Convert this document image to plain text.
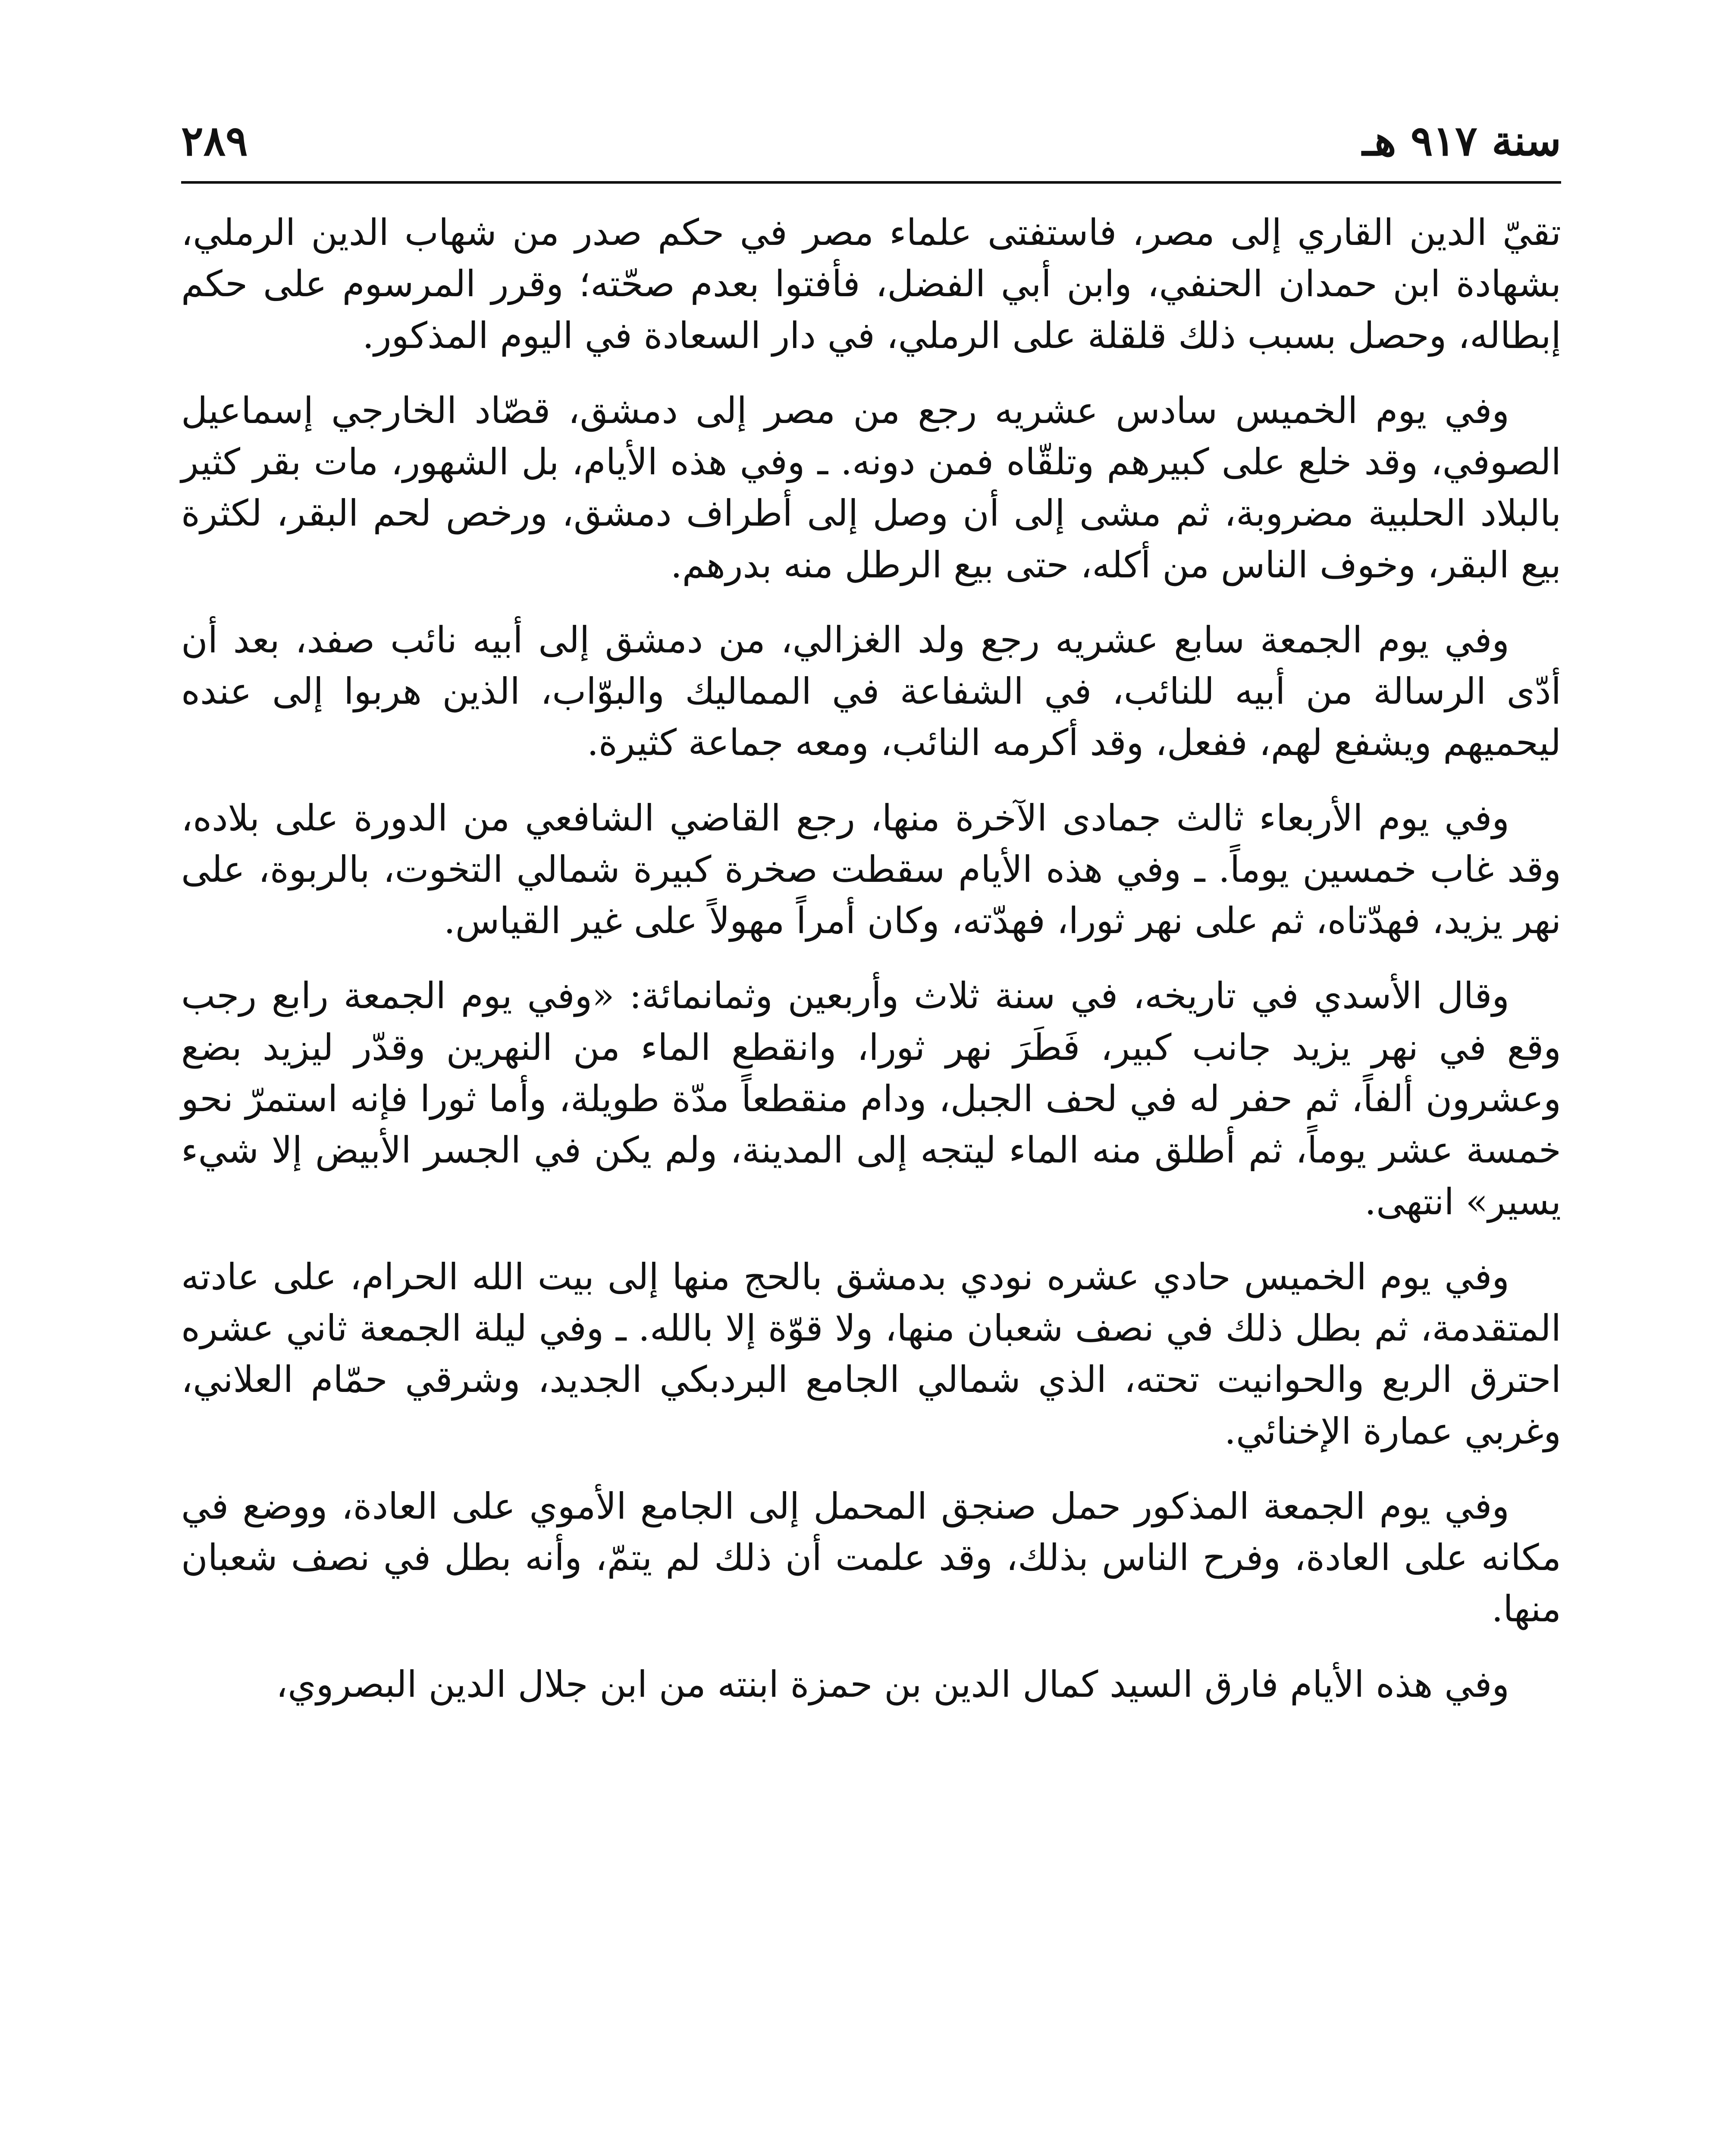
سنة ٩١٧ هـ
٢٨٩

تقيّ الدين القاري إلى مصر، فاستفتى علماء مصر في حكم صدر من شهاب الدين الرملي، بشهادة ابن حمدان الحنفي، وابن أبي الفضل، فأفتوا بعدم صحّته؛ وقرر المرسوم على حكم إبطاله، وحصل بسبب ذلك قلقلة على الرملي، في دار السعادة في اليوم المذكور.

وفي يوم الخميس سادس عشريه رجع من مصر إلى دمشق، قصّاد الخارجي إسماعيل الصوفي، وقد خلع على كبيرهم وتلقّاه فمن دونه. ـ وفي هذه الأيام، بل الشهور، مات بقر كثير بالبلاد الحلبية مضروبة، ثم مشى إلى أن وصل إلى أطراف دمشق، ورخص لحم البقر، لكثرة بيع البقر، وخوف الناس من أكله، حتى بيع الرطل منه بدرهم.

وفي يوم الجمعة سابع عشريه رجع ولد الغزالي، من دمشق إلى أبيه نائب صفد، بعد أن أدّى الرسالة من أبيه للنائب، في الشفاعة في المماليك والبوّاب، الذين هربوا إلى عنده ليحميهم ويشفع لهم، ففعل، وقد أكرمه النائب، ومعه جماعة كثيرة.

وفي يوم الأربعاء ثالث جمادى الآخرة منها، رجع القاضي الشافعي من الدورة على بلاده، وقد غاب خمسين يوماً. ـ وفي هذه الأيام سقطت صخرة كبيرة شمالي التخوت، بالربوة، على نهر يزيد، فهدّتاه، ثم على نهر ثورا، فهدّته، وكان أمراً مهولاً على غير القياس.

وقال الأسدي في تاريخه، في سنة ثلاث وأربعين وثمانمائة: «وفي يوم الجمعة رابع رجب وقع في نهر يزيد جانب كبير، فَطَرَ نهر ثورا، وانقطع الماء من النهرين وقدّر ليزيد بضع وعشرون ألفاً، ثم حفر له في لحف الجبل، ودام منقطعاً مدّة طويلة، وأما ثورا فإنه استمرّ نحو خمسة عشر يوماً، ثم أطلق منه الماء ليتجه إلى المدينة، ولم يكن في الجسر الأبيض إلا شيء يسير» انتهى.

وفي يوم الخميس حادي عشره نودي بدمشق بالحج منها إلى بيت الله الحرام، على عادته المتقدمة، ثم بطل ذلك في نصف شعبان منها، ولا قوّة إلا بالله. ـ وفي ليلة الجمعة ثاني عشره احترق الربع والحوانيت تحته، الذي شمالي الجامع البردبكي الجديد، وشرقي حمّام العلاني، وغربي عمارة الإخنائي.

وفي يوم الجمعة المذكور حمل صنجق المحمل إلى الجامع الأموي على العادة، ووضع في مكانه على العادة، وفرح الناس بذلك، وقد علمت أن ذلك لم يتمّ، وأنه بطل في نصف شعبان منها.

وفي هذه الأيام فارق السيد كمال الدين بن حمزة ابنته من ابن جلال الدين البصروي،
